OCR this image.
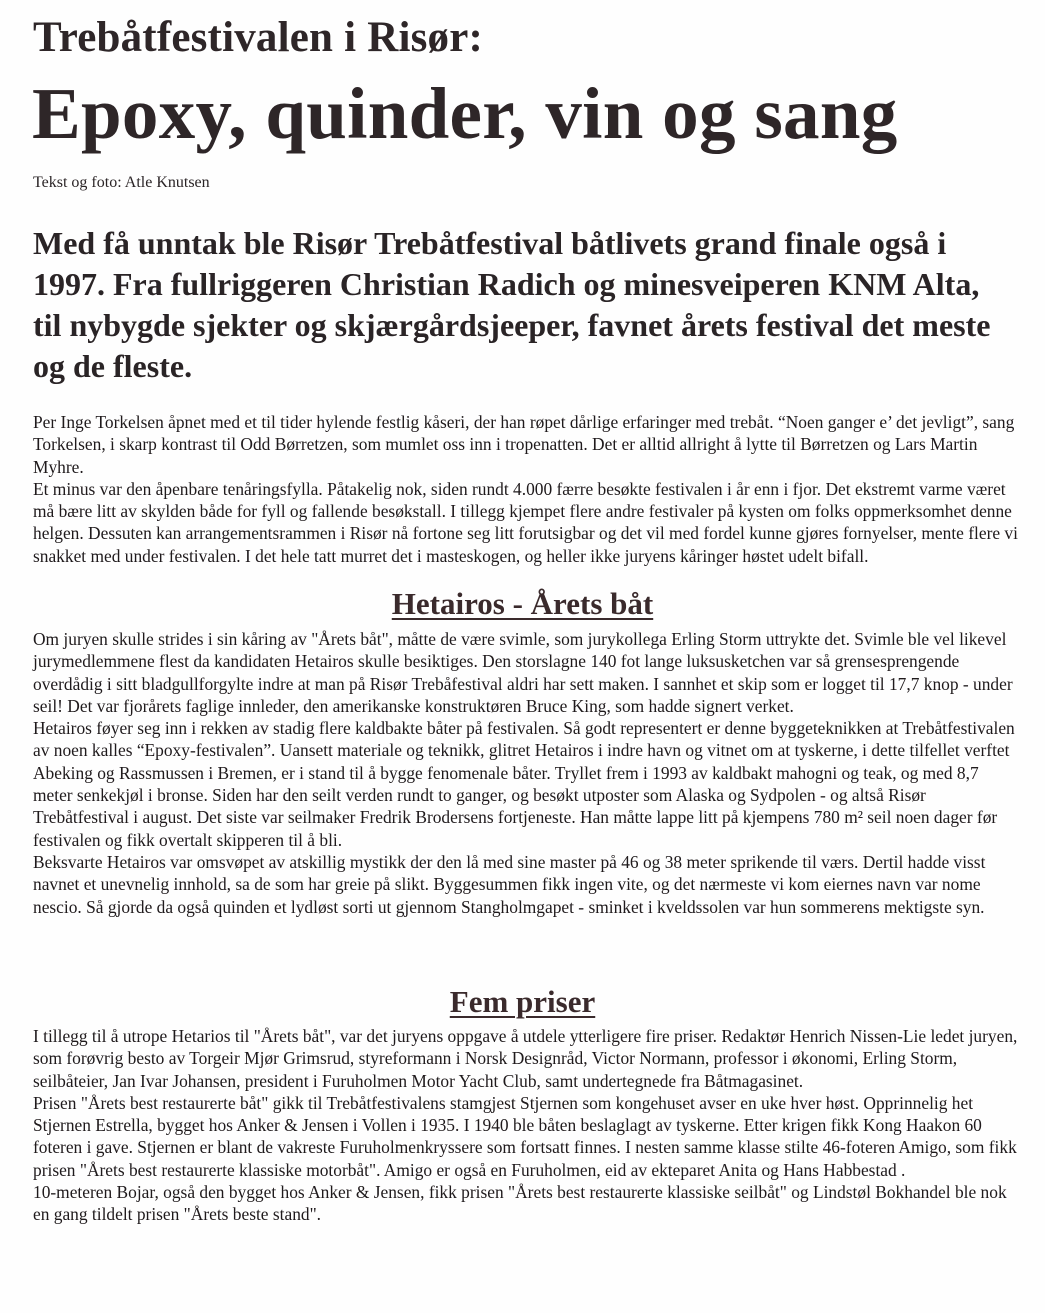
Trebåtfestivalen i Risør:
Epoxy, quinder, vin og sang
Tekst og foto: Atle Knutsen
Med få unntak ble Risør Trebåtfestival båtlivets grand finale også i 1997. Fra fullriggeren Christian Radich og minesveiperen KNM Alta, til nybygde sjekter og skjærgårdsjeeper, favnet årets festival det meste og de fleste.

Per Inge Torkelsen åpnet med et til tider hylende festlig kåseri, der han røpet dårlige erfaringer med trebåt. “Noen ganger e’ det jevligt”, sang Torkelsen, i skarp kontrast til Odd Børretzen, som mumlet oss inn i tropenatten. Det er alltid allright å lytte til Børretzen og Lars Martin Myhre.

Et minus var den åpenbare tenåringsfylla. Påtakelig nok, siden rundt 4.000 færre besøkte festivalen i år enn i fjor. Det ekstremt varme været må bære litt av skylden både for fyll og fallende besøkstall. I tillegg kjempet flere andre festivaler på kysten om folks oppmerksomhet denne helgen. Dessuten kan arrangementsrammen i Risør nå fortone seg litt forutsigbar og det vil med fordel kunne gjøres fornyelser, mente flere vi snakket med under festivalen. I det hele tatt murret det i masteskogen, og heller ikke juryens kåringer høstet udelt bifall.

Hetairos - Årets båt

Om juryen skulle strides i sin kåring av "Årets båt", måtte de være svimle, som jurykollega Erling Storm uttrykte det. Svimle ble vel likevel jurymedlemmene flest da kandidaten Hetairos skulle besiktiges. Den storslagne 140 fot lange luksusketchen var så grensesprengende overdådig i sitt bladgullforgylte indre at man på Risør Trebåfestival aldri har sett maken. I sannhet et skip som er logget til 17,7 knop - under seil! Det var fjorårets faglige innleder, den amerikanske konstruktøren Bruce King, som hadde signert verket.

Hetairos føyer seg inn i rekken av stadig flere kaldbakte båter på festivalen. Så godt representert er denne byggeteknikken at Trebåtfestivalen av noen kalles “Epoxy-festivalen”. Uansett materiale og teknikk, glitret Hetairos i indre havn og vitnet om at tyskerne, i dette tilfellet verftet Abeking og Rassmussen i Bremen, er i stand til å bygge fenomenale båter. Tryllet frem i 1993 av kaldbakt mahogni og teak, og med 8,7 meter senkekjøl i bronse. Siden har den seilt verden rundt to ganger, og besøkt utposter som Alaska og Sydpolen - og altså Risør Trebåtfestival i august. Det siste var seilmaker Fredrik Brodersens fortjeneste. Han måtte lappe litt på kjempens 780 m² seil noen dager før festivalen og fikk overtalt skipperen til å bli.

Beksvarte Hetairos var omsvøpet av atskillig mystikk der den lå med sine master på 46 og 38 meter sprikende til værs. Dertil hadde visst navnet et unevnelig innhold, sa de som har greie på slikt. Byggesummen fikk ingen vite, og det nærmeste vi kom eiernes navn var nome nescio. Så gjorde da også quinden et lydløst sorti ut gjennom Stangholmgapet - sminket i kveldssolen var hun sommerens mektigste syn.

Fem priser

I tillegg til å utrope Hetarios til "Årets båt", var det juryens oppgave å utdele ytterligere fire priser. Redaktør Henrich Nissen-Lie ledet juryen, som forøvrig besto av Torgeir Mjør Grimsrud, styreformann i Norsk Designråd, Victor Normann, professor i økonomi, Erling Storm, seilbåteier, Jan Ivar Johansen, president i Furuholmen Motor Yacht Club, samt undertegnede fra Båtmagasinet.

Prisen "Årets best restaurerte båt" gikk til Trebåtfestivalens stamgjest Stjernen som kongehuset avser en uke hver høst. Opprinnelig het Stjernen Estrella, bygget hos Anker & Jensen i Vollen i 1935. I 1940 ble båten beslaglagt av tyskerne. Etter krigen fikk Kong Haakon 60 foteren i gave. Stjernen er blant de vakreste Furuholmenkryssere som fortsatt finnes. I nesten samme klasse stilte 46-foteren Amigo, som fikk prisen "Årets best restaurerte klassiske motorbåt". Amigo er også en Furuholmen, eid av ekteparet Anita og Hans Habbestad .

10-meteren Bojar, også den bygget hos Anker & Jensen, fikk prisen "Årets best restaurerte klassiske seilbåt" og Lindstøl Bokhandel ble nok en gang tildelt prisen "Årets beste stand".
